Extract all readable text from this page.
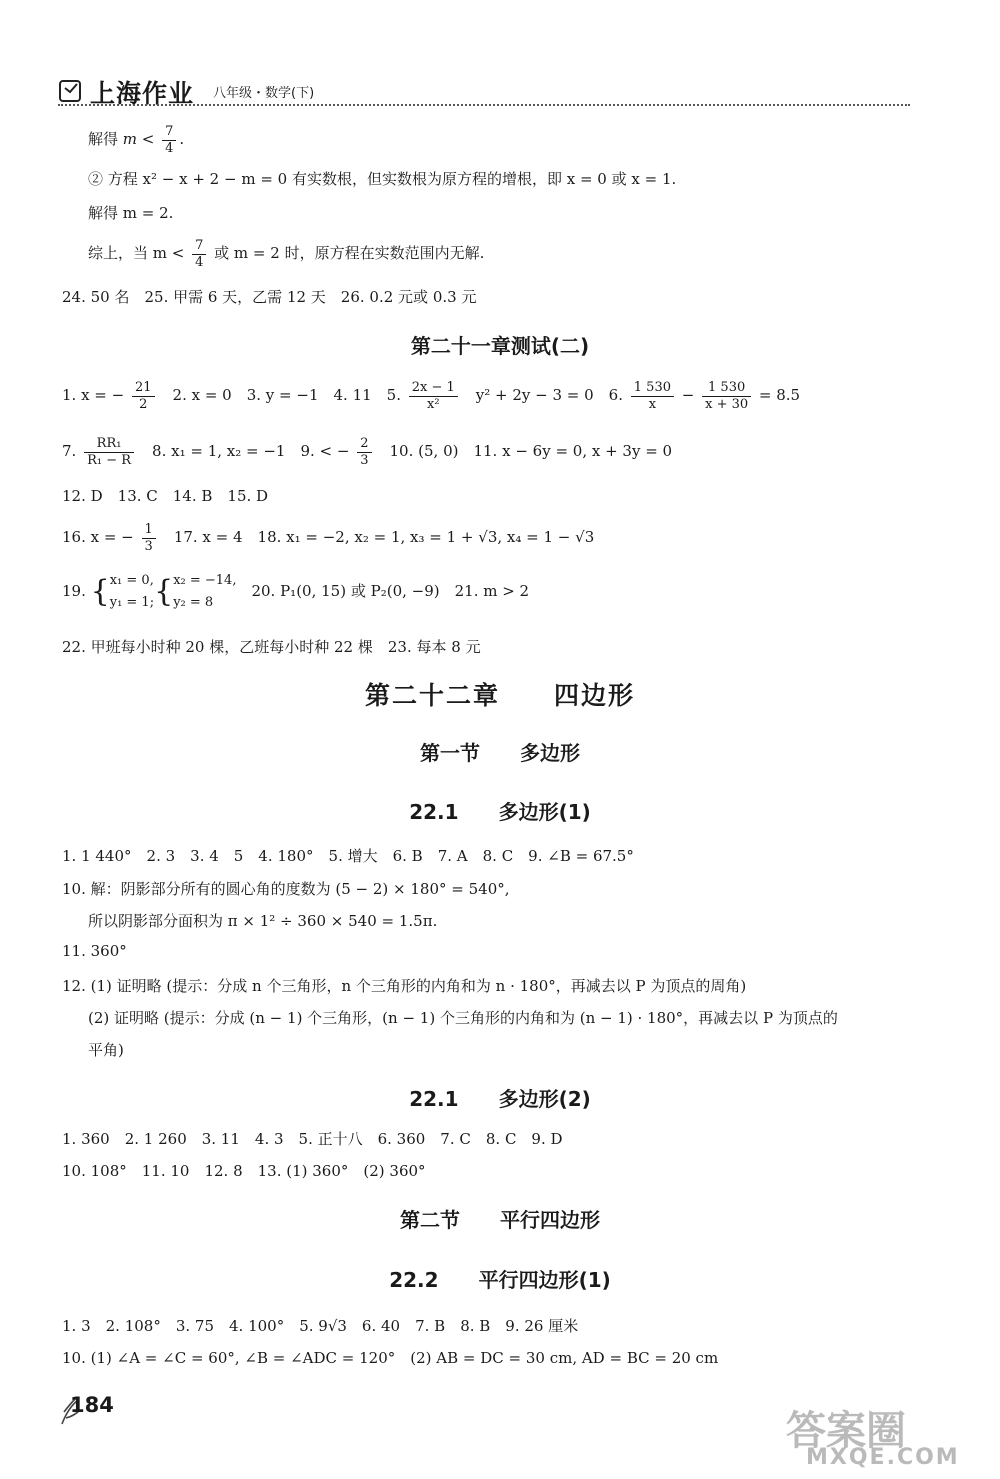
上海作业 八年级・数学(下)
解得 $m < \frac{7}{4}$ .
② 方程 x² − x + 2 − m = 0 有实数根，但实数根为原方程的增根，即 x = 0 或 x = 1.
解得 m = 2.
综上，当 $m < \frac{7}{4}$ 或 m = 2 时，原方程在实数范围内无解.
24. 50 名　25. 甲需 6 天，乙需 12 天　26. 0.2 元或 0.3 元
第二十一章测试(二)
1. x = − $\frac{21}{2}$ 　2. x = 0　3. y = −1　4. 11　5. $\frac{2x - 1}{\text{x²}}$ 　y² + 2y − 3 = 0　6. $\frac{1 530}{x} - \frac{1 530}{x + 30} = 8.5$
7. $\frac{\text{RR₁}}{\text{R₁ − R}}$ 　8. x₁ = 1, x₂ = −1　9. < − $\frac{2}{3}$ 　10. (5, 0)　11. x − 6y = 0, x + 3y = 0
12. D　13. C　14. B　15. D
16. x = − $\frac{1}{3}$ 　17. x = 4　18. x₁ = −2, x₂ = 1, x₃ = 1 + √3, x₄ = 1 − √3
19. {x₁ = 0,
y₁ = 1;{x₂ = −14,
y₂ = 8　20. P₁(0, 15) 或 P₂(0, −9)　21. m > 2
22. 甲班每小时种 20 棵，乙班每小时种 22 棵　23. 每本 8 元
第二十二章　　四边形
第一节　　多边形
22.1　　多边形(1)
1. 1 440°　2. 3　3. 4　5　4. 180°　5. 增大　6. B　7. A　8. C　9. ∠B = 67.5°
10. 解：阴影部分所有的圆心角的度数为 (5 − 2) × 180° = 540°,
所以阴影部分面积为 π × 1² ÷ 360 × 540 = 1.5π.
11. 360°
12. (1) 证明略 (提示：分成 n 个三角形，n 个三角形的内角和为 n · 180°，再减去以 P 为顶点的周角)
(2) 证明略 (提示：分成 (n − 1) 个三角形，(n − 1) 个三角形的内角和为 (n − 1) · 180°，再减去以 P 为顶点的
平角)
22.1　　多边形(2)
1. 360　2. 1 260　3. 11　4. 3　5. 正十八　6. 360　7. C　8. C　9. D
10. 108°　11. 10　12. 8　13. (1) 360°　(2) 360°
第二节　　平行四边形
22.2　　平行四边形(1)
1. 3　2. 108°　3. 75　4. 100°　5. 9√3　6. 40　7. B　8. B　9. 26 厘米
10. (1) ∠A = ∠C = 60°, ∠B = ∠ADC = 120°　(2) AB = DC = 30 cm, AD = BC = 20 cm
184
答案圈
MXQE.COM
